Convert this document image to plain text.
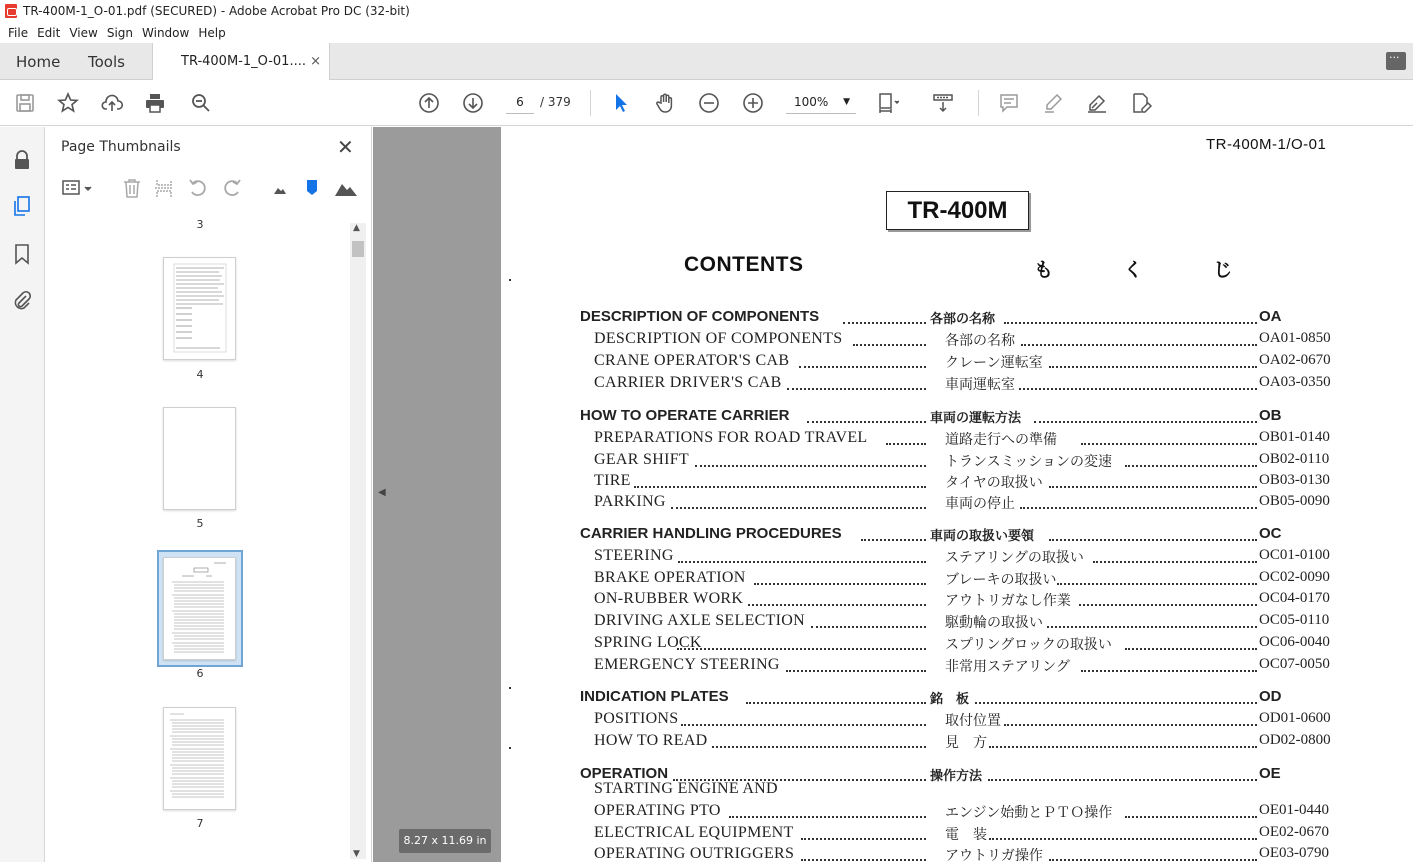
TR-400M-1_O-01.pdf (SECURED) - Adobe Acrobat Pro DC (32-bit)
File Edit View Sign Window Help
Home Tools	TR-400M-1_O-01.... ×
···
6	/ 379	100% ▼
Page Thumbnails	✕
3
4
5
6
7
▲
▼
◀
8.27 x 11.69 in
TR-400M-1/O-01
TR-400M
CONTENTS	も く じ
DESCRIPTION OF COMPONENTS	各部の名称	OA
DESCRIPTION OF COMPONENTS	各部の名称	OA01-0850
CRANE OPERATOR'S CAB	クレーン運転室	OA02-0670
CARRIER DRIVER'S CAB	車両運転室	OA03-0350
HOW TO OPERATE CARRIER	車両の運転方法	OB
PREPARATIONS FOR ROAD TRAVEL	道路走行への準備	OB01-0140
GEAR SHIFT	トランスミッションの変速	OB02-0110
TIRE	タイヤの取扱い	OB03-0130
PARKING	車両の停止	OB05-0090
CARRIER HANDLING PROCEDURES	車両の取扱い要領	OC
STEERING	ステアリングの取扱い	OC01-0100
BRAKE OPERATION	ブレーキの取扱い	OC02-0090
ON-RUBBER WORK	アウトリガなし作業	OC04-0170
DRIVING AXLE SELECTION	駆動輪の取扱い	OC05-0110
SPRING LOCK	スプリングロックの取扱い	OC06-0040
EMERGENCY STEERING	非常用ステアリング	OC07-0050
INDICATION PLATES	銘　板	OD
POSITIONS	取付位置	OD01-0600
HOW TO READ	見　方	OD02-0800
OPERATION	操作方法	OE
STARTING ENGINE AND
OPERATING PTO	エンジン始動とＰＴＯ操作	OE01-0440
ELECTRICAL EQUIPMENT	電　装	OE02-0670
OPERATING OUTRIGGERS	アウトリガ操作	OE03-0790
